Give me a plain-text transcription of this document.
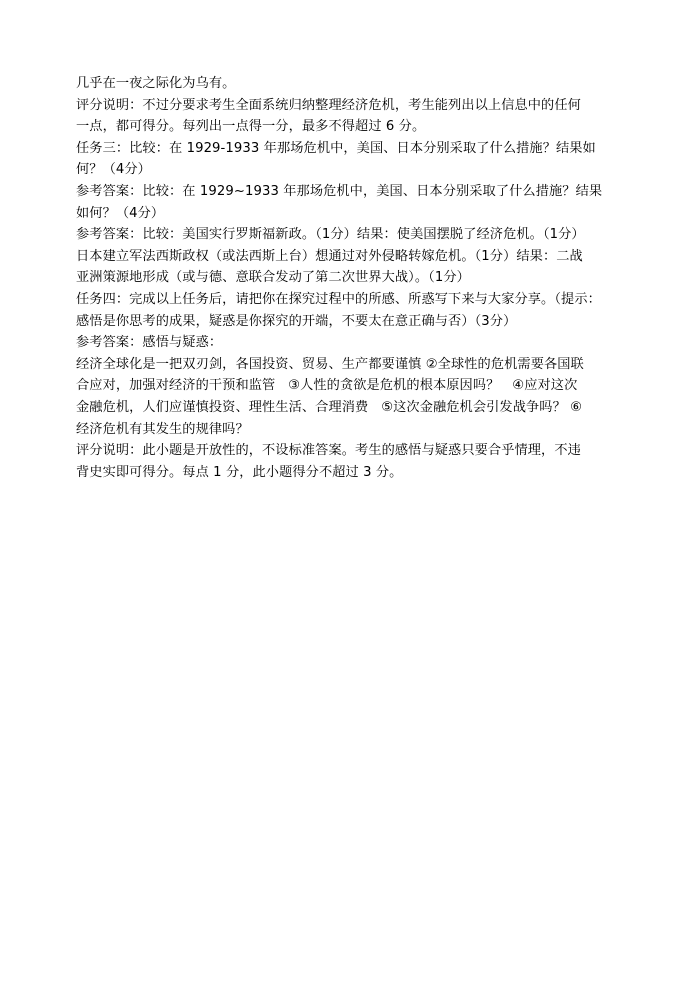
几乎在一夜之际化为乌有。
评分说明：不过分要求考生全面系统归纳整理经济危机，考生能列出以上信息中的任何
一点，都可得分。每列出一点得一分，最多不得超过 6 分。
任务三：比较：在 1929-1933 年那场危机中，美国、日本分别采取了什么措施？结果如
何？（4分）
参考答案：比较：在 1929~1933 年那场危机中，美国、日本分别采取了什么措施？结果
如何？（4分）
参考答案：比较：美国实行罗斯福新政。（1分）结果：使美国摆脱了经济危机。（1分）
日本建立军法西斯政权（或法西斯上台）想通过对外侵略转嫁危机。（1分）结果：二战
亚洲策源地形成（或与德、意联合发动了第二次世界大战）。（1分）
任务四：完成以上任务后，请把你在探究过程中的所感、所惑写下来与大家分享。（提示：
感悟是你思考的成果，疑惑是你探究的开端，不要太在意正确与否）（3分）
参考答案：感悟与疑惑：
经济全球化是一把双刃剑，各国投资、贸易、生产都要谨慎 ②全球性的危机需要各国联
合应对，加强对经济的干预和监管   ③人性的贪欲是危机的根本原因吗？   ④应对这次
金融危机，人们应谨慎投资、理性生活、合理消费   ⑤这次金融危机会引发战争吗？ ⑥
经济危机有其发生的规律吗？
评分说明：此小题是开放性的，不设标准答案。考生的感悟与疑惑只要合乎情理，不违
背史实即可得分。每点 1 分，此小题得分不超过 3 分。
